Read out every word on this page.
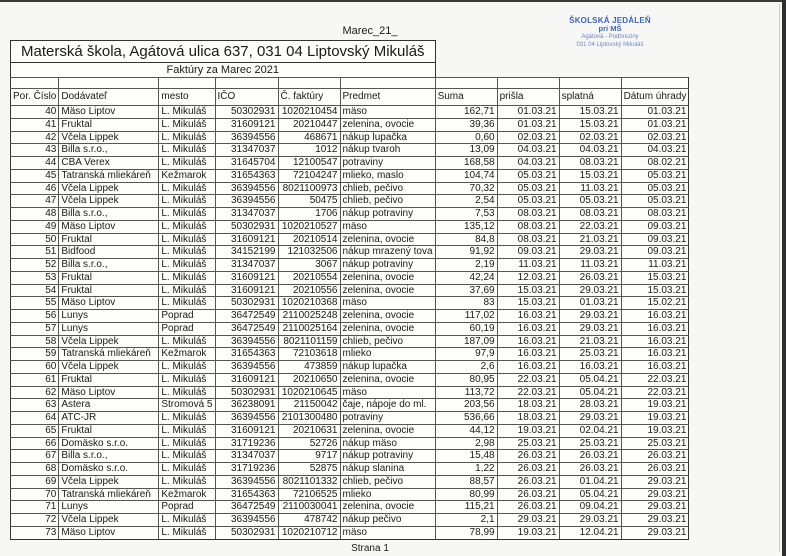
Marec_21_
ŠKOLSKÁ JEDÁLEŇ
pri MŠ
Agátová - Podbreziny
031 04 Liptovský Mikuláš
Materská škola, Agátová ulica 637, 031 04 Liptovský Mikuláš									
Faktúry za Marec 2021									

Por. Číslo	Dodávateľ	mesto	IČO	Č. faktúry	Predmet	Suma	prišla	splatná	Dátum úhrady
40	Mäso Liptov	L. Mikuláš	50302931	1020210454	mäso	162,71	01.03.21	15.03.21	01.03.21
41	Fruktal	L. Mikuláš	31609121	20210447	zelenina, ovocie	39,36	01.03.21	15.03.21	01.03.21
42	Včela Lippek	L. Mikuláš	36394556	468671	nákup lupačka	0,60	02.03.21	02.03.21	02.03.21
43	Billa s.r.o.,	L. Mikuláš	31347037	1012	nákup tvaroh	13,09	04.03.21	04.03.21	04.03.21
44	CBA Verex	L. Mikuláš	31645704	12100547	potraviny	168,58	04.03.21	08.03.21	08.02.21
45	Tatranská mliekáreň	Kežmarok	31654363	72104247	mlieko, maslo	104,74	05.03.21	15.03.21	05.03.21
46	Včela Lippek	L. Mikuláš	36394556	8021100973	chlieb, pečivo	70,32	05.03.21	11.03.21	05.03.21
47	Včela Lippek	L. Mikuláš	36394556	50475	chlieb, pečivo	2,54	05.03.21	05.03.21	05.03.21
48	Billa s.r.o.,	L. Mikuláš	31347037	1706	nákup potraviny	7,53	08.03.21	08.03.21	08.03.21
49	Mäso Liptov	L. Mikuláš	50302931	1020210527	mäso	135,12	08.03.21	22.03.21	09.03.21
50	Fruktal	L. Mikuláš	31609121	20210514	zelenina, ovocie	84,8	08.03.21	21.03.21	09.03.21
51	Bidfood	L. Mikuláš	34152199	121032506	nákup mrazený tova	91,92	09.03.21	29.03.21	09.03.21
52	Billa s.r.o.,	L. Mikuláš	31347037	3067	nákup potraviny	2,19	11.03.21	11.03.21	11.03.21
53	Fruktal	L. Mikuláš	31609121	20210554	zelenina, ovocie	42,24	12.03.21	26.03.21	15.03.21
54	Fruktal	L. Mikuláš	31609121	20210556	zelenina, ovocie	37,69	15.03.21	29.03.21	15.03.21
55	Mäso Liptov	L. Mikuláš	50302931	1020210368	mäso	83	15.03.21	01.03.21	15.02.21
56	Lunys	Poprad	36472549	2110025248	zelenina, ovocie	117,02	16.03.21	29.03.21	16.03.21
57	Lunys	Poprad	36472549	2110025164	zelenina, ovocie	60,19	16.03.21	29.03.21	16.03.21
58	Včela Lippek	L. Mikuláš	36394556	8021101159	chlieb, pečivo	187,09	16.03.21	21.03.21	16.03.21
59	Tatranská mliekáreň	Kežmarok	31654363	72103618	mlieko	97,9	16.03.21	25.03.21	16.03.21
60	Včela Lippek	L. Mikuláš	36394556	473859	nákup lupačka	2,6	16.03.21	16.03.21	16.03.21
61	Fruktal	L. Mikuláš	31609121	20210650	zelenina, ovocie	80,95	22.03.21	05.04.21	22.03.21
62	Mäso Liptov	L. Mikuláš	50302931	1020210645	mäso	113,72	22.03.21	05.04.21	22.03.21
63	Astera	Stromová 5	36238091	21150042	čaje, nápoje do ml.	203,56	18.03.21	28.03.21	19.03.21
64	ATC-JR	L. Mikuláš	36394556	2101300480	potraviny	536,66	18.03.21	29.03.21	19.03.21
65	Fruktal	L. Mikuláš	31609121	20210631	zelenina, ovocie	44,12	19.03.21	02.04.21	19.03.21
66	Domäsko s.r.o.	L. Mikuláš	31719236	52726	nákup mäso	2,98	25.03.21	25.03.21	25.03.21
67	Billa s.r.o.,	L. Mikuláš	31347037	9717	nákup potraviny	15,48	26.03.21	26.03.21	26.03.21
68	Domäsko s.r.o.	L. Mikuláš	31719236	52875	nákup slanina	1,22	26.03.21	26.03.21	26.03.21
69	Včela Lippek	L. Mikuláš	36394556	8021101332	chlieb, pečivo	88,57	26.03.21	01.04.21	29.03.21
70	Tatranská mliekáreň	Kežmarok	31654363	72106525	mlieko	80,99	26.03.21	05.04.21	29.03.21
71	Lunys	Poprad	36472549	2110030041	zelenina, ovocie	115,21	26.03.21	09.04.21	29.03.21
72	Včela Lippek	L. Mikuláš	36394556	478742	nákup pečivo	2,1	29.03.21	29.03.21	29.03.21
73	Mäso Liptov	L. Mikuláš	50302931	1020210712	mäso	78,99	19.03.21	12.04.21	29.03.21
Strana 1
